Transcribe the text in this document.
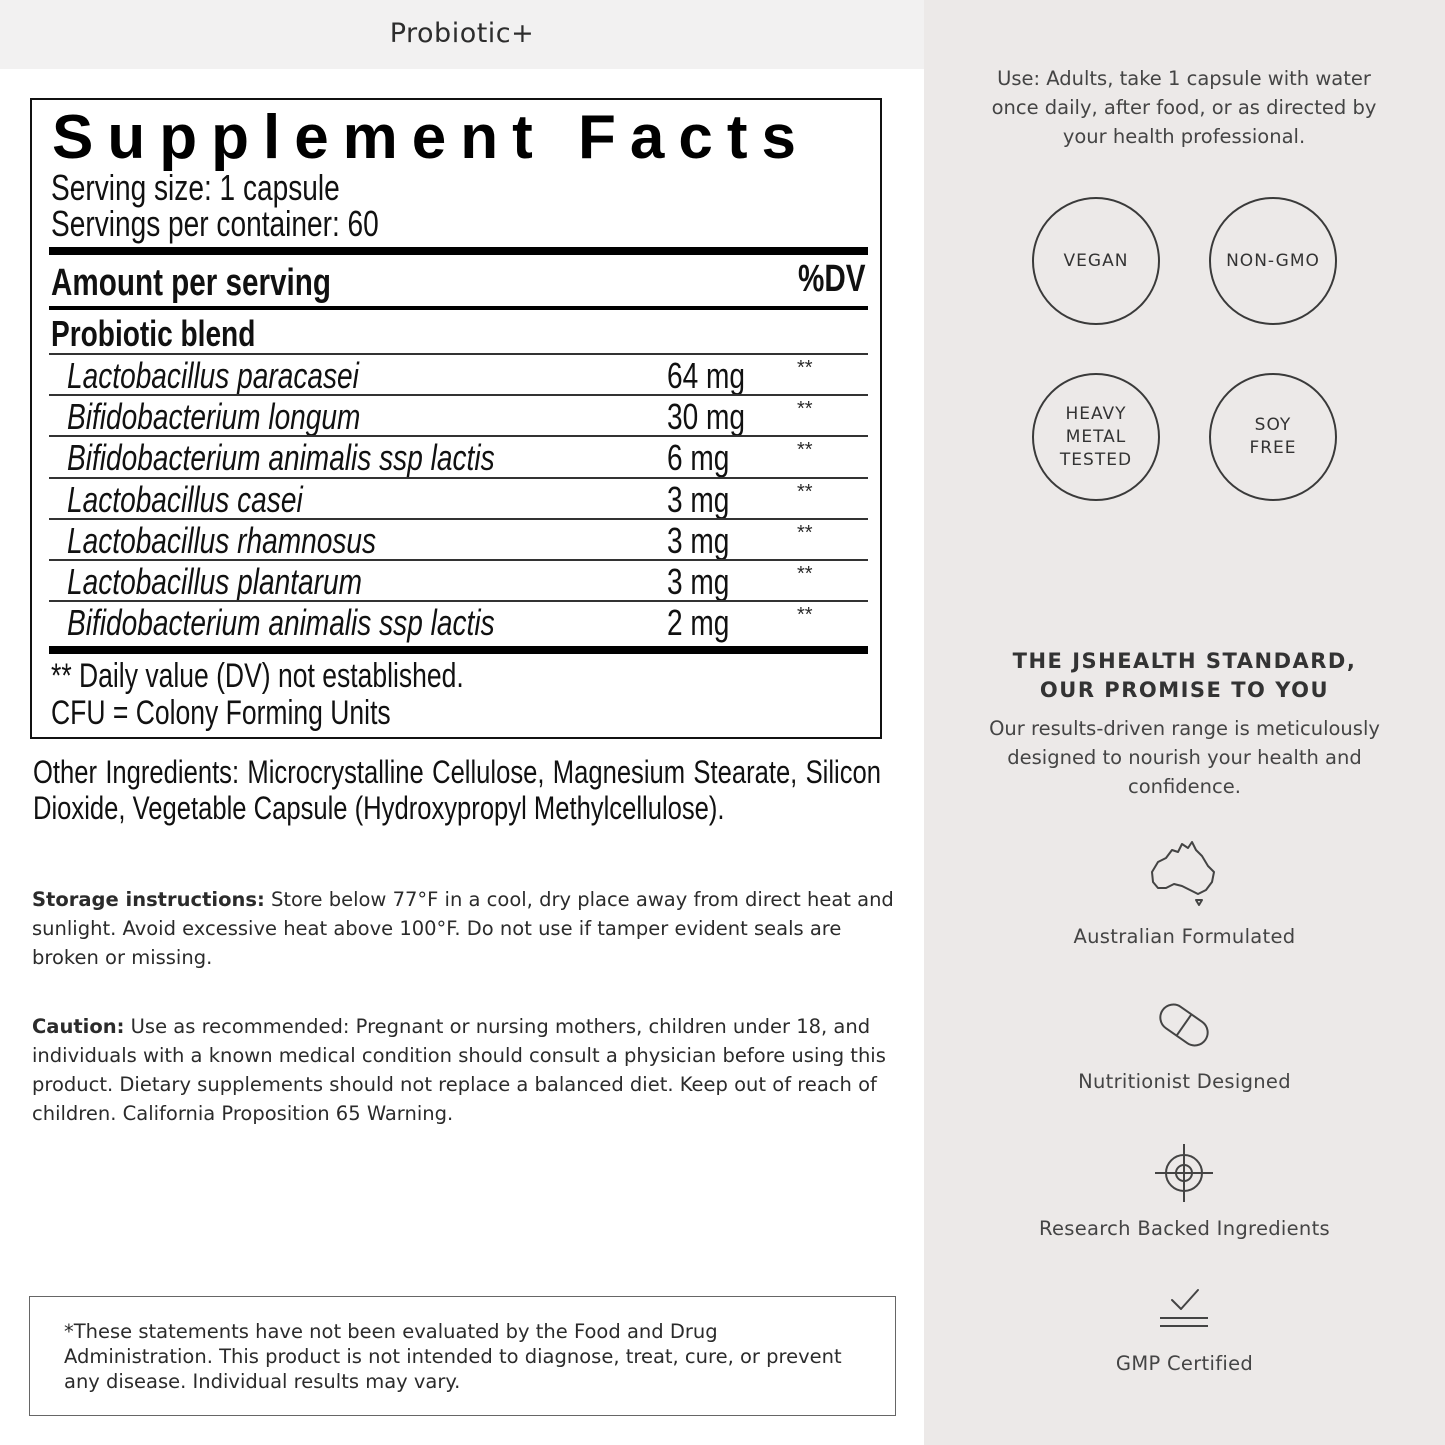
Probiotic+
Supplement Facts
Serving size: 1 capsule
Servings per container: 60
Amount per serving	%DV
Probiotic blend
Lactobacillus paracasei	64 mg	**
Bifidobacterium longum	30 mg	**
Bifidobacterium animalis ssp lactis	6 mg	**
Lactobacillus casei	3 mg	**
Lactobacillus rhamnosus	3 mg	**
Lactobacillus plantarum	3 mg	**
Bifidobacterium animalis ssp lactis	2 mg	**
** Daily value (DV) not established.
CFU = Colony Forming Units
Other Ingredients: Microcrystalline Cellulose, Magnesium Stearate, Silicon Dioxide, Vegetable Capsule (Hydroxypropyl Methylcellulose).
Storage instructions: Store below 77°F in a cool, dry place away from direct heat and sunlight. Avoid excessive heat above 100°F. Do not use if tamper evident seals are broken or missing.
Caution: Use as recommended: Pregnant or nursing mothers, children under 18, and individuals with a known medical condition should consult a physician before using this product. Dietary supplements should not replace a balanced diet. Keep out of reach of children. California Proposition 65 Warning.

*These statements have not been evaluated by the Food and Drug Administration. This product is not intended to diagnose, treat, cure, or prevent any disease. Individual results may vary.

Use: Adults, take 1 capsule with water once daily, after food, or as directed by your health professional.
VEGAN	NON-GMO
HEAVY
METAL
TESTED
SOY
FREE
THE JSHEALTH STANDARD,
OUR PROMISE TO YOU
Our results-driven range is meticulously designed to nourish your health and confidence.
Australian Formulated
Nutritionist Designed
Research Backed Ingredients
GMP Certified
